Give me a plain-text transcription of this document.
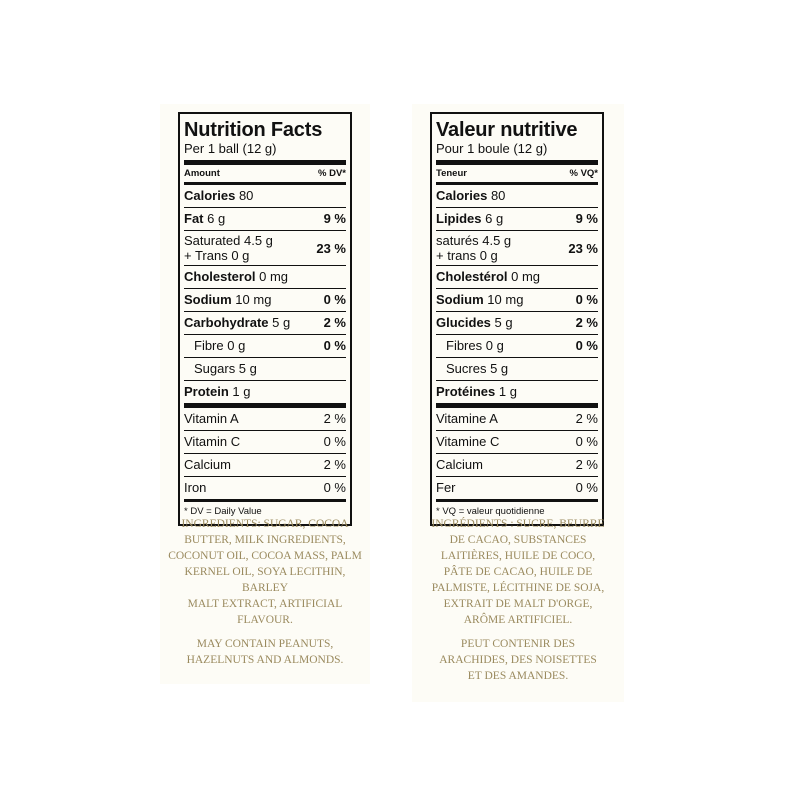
Nutrition Facts
Per 1 ball (12 g)
Amount	% DV*
Calories 80
Fat 6 g	9 %
Saturated 4.5 g
+ Trans 0 g	23 %
Cholesterol 0 mg
Sodium 10 mg	0 %
Carbohydrate 5 g	2 %
Fibre 0 g	0 %
Sugars 5 g
Protein 1 g
Vitamin A	2 %
Vitamin C	0 %
Calcium	2 %
Iron	0 %
* DV = Daily Value
Valeur nutritive
Pour 1 boule (12 g)
Teneur	% VQ*
Calories 80
Lipides 6 g	9 %
saturés 4.5 g
+ trans 0 g	23 %
Cholestérol 0 mg
Sodium 10 mg	0 %
Glucides 5 g	2 %
Fibres 0 g	0 %
Sucres 5 g
Protéines 1 g
Vitamine A	2 %
Vitamine C	0 %
Calcium	2 %
Fer	0 %
* VQ = valeur quotidienne

INGREDIENTS: SUGAR, COCOA
BUTTER, MILK INGREDIENTS,
COCONUT OIL, COCOA MASS, PALM
KERNEL OIL, SOYA LECITHIN, BARLEY
MALT EXTRACT, ARTIFICIAL FLAVOUR.

MAY CONTAIN PEANUTS,
HAZELNUTS AND ALMONDS.

INGRÉDIENTS : SUCRE, BEURRE
DE CACAO, SUBSTANCES
LAITIÈRES, HUILE DE COCO,
PÂTE DE CACAO, HUILE DE
PALMISTE, LÉCITHINE DE SOJA,
EXTRAIT DE MALT D'ORGE,
ARÔME ARTIFICIEL.

PEUT CONTENIR DES
ARACHIDES, DES NOISETTES
ET DES AMANDES.
